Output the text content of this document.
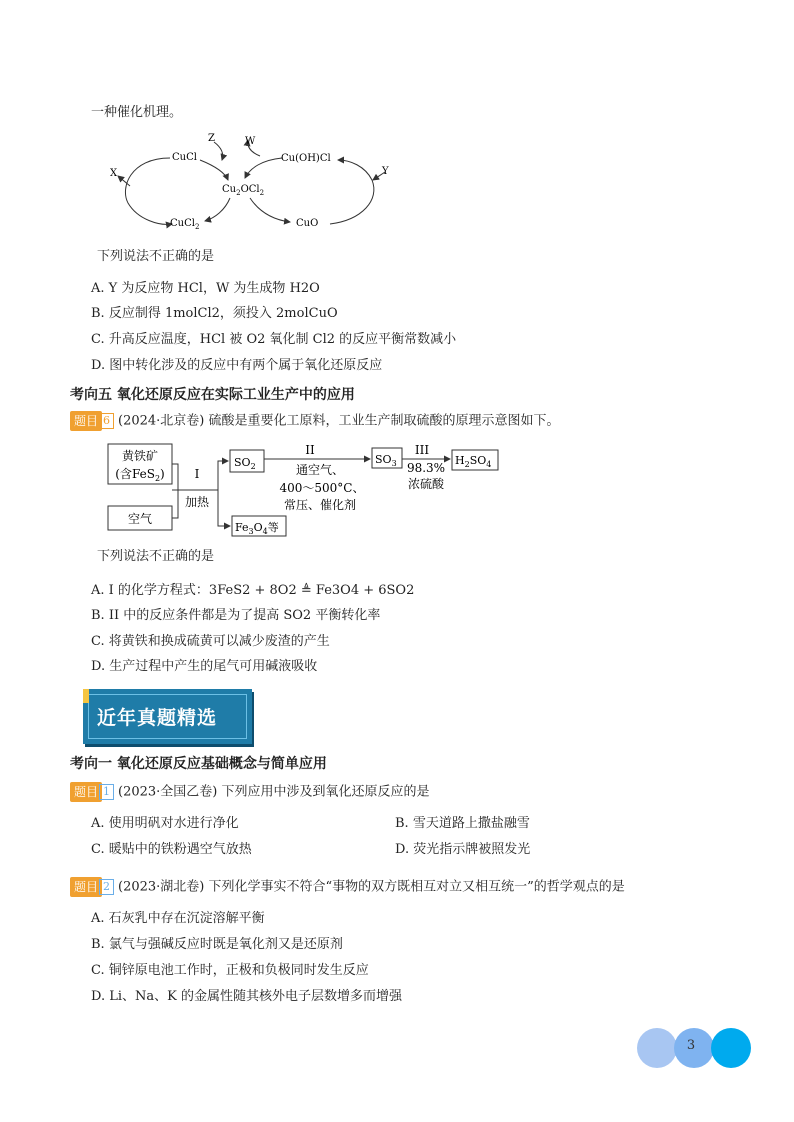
一种催化机理。
CuCl	Cu(OH)Cl
$Cu_2OCl_2$
CuCl$_2$	CuO
X	Y
Z	W
下列说法不正确的是
A. Y 为反应物 HCl，W 为生成物 H2O
B. 反应制得 1molCl2，须投入 2molCuO
C. 升高反应温度，HCl 被 O2 氧化制 Cl2 的反应平衡常数减小
D. 图中转化涉及的反应中有两个属于氧化还原反应
考向五 氧化还原反应在实际工业生产中的应用
题目 6 (2024·北京卷) 硫酸是重要化工原料，工业生产制取硫酸的原理示意图如下。
黄铁矿
(含FeS$_2$)
空气
I
加热
$SO_2$
II
通空气、
400～500°C、
常压、催化剂
$SO_3$
III
98.3%
浓硫酸
$H_2SO_4$
$Fe_3O_4$等
下列说法不正确的是
A. I 的化学方程式：3FeS2 + 8O2 ≜ Fe3O4 + 6SO2
B. II 中的反应条件都是为了提高 SO2 平衡转化率
C. 将黄铁和换成硫黄可以减少废渣的产生
D. 生产过程中产生的尾气可用碱液吸收
近年真题精选
考向一 氧化还原反应基础概念与简单应用
题目 1 (2023·全国乙卷) 下列应用中涉及到氧化还原反应的是
A. 使用明矾对水进行净化	B. 雪天道路上撒盐融雪
C. 暖贴中的铁粉遇空气放热	D. 荧光指示牌被照发光
题目 2 (2023·湖北卷) 下列化学事实不符合“事物的双方既相互对立又相互统一”的哲学观点的是
A. 石灰乳中存在沉淀溶解平衡
B. 氯气与强碱反应时既是氧化剂又是还原剂
C. 铜锌原电池工作时，正极和负极同时发生反应
D. Li、Na、K 的金属性随其核外电子层数增多而增强
3
